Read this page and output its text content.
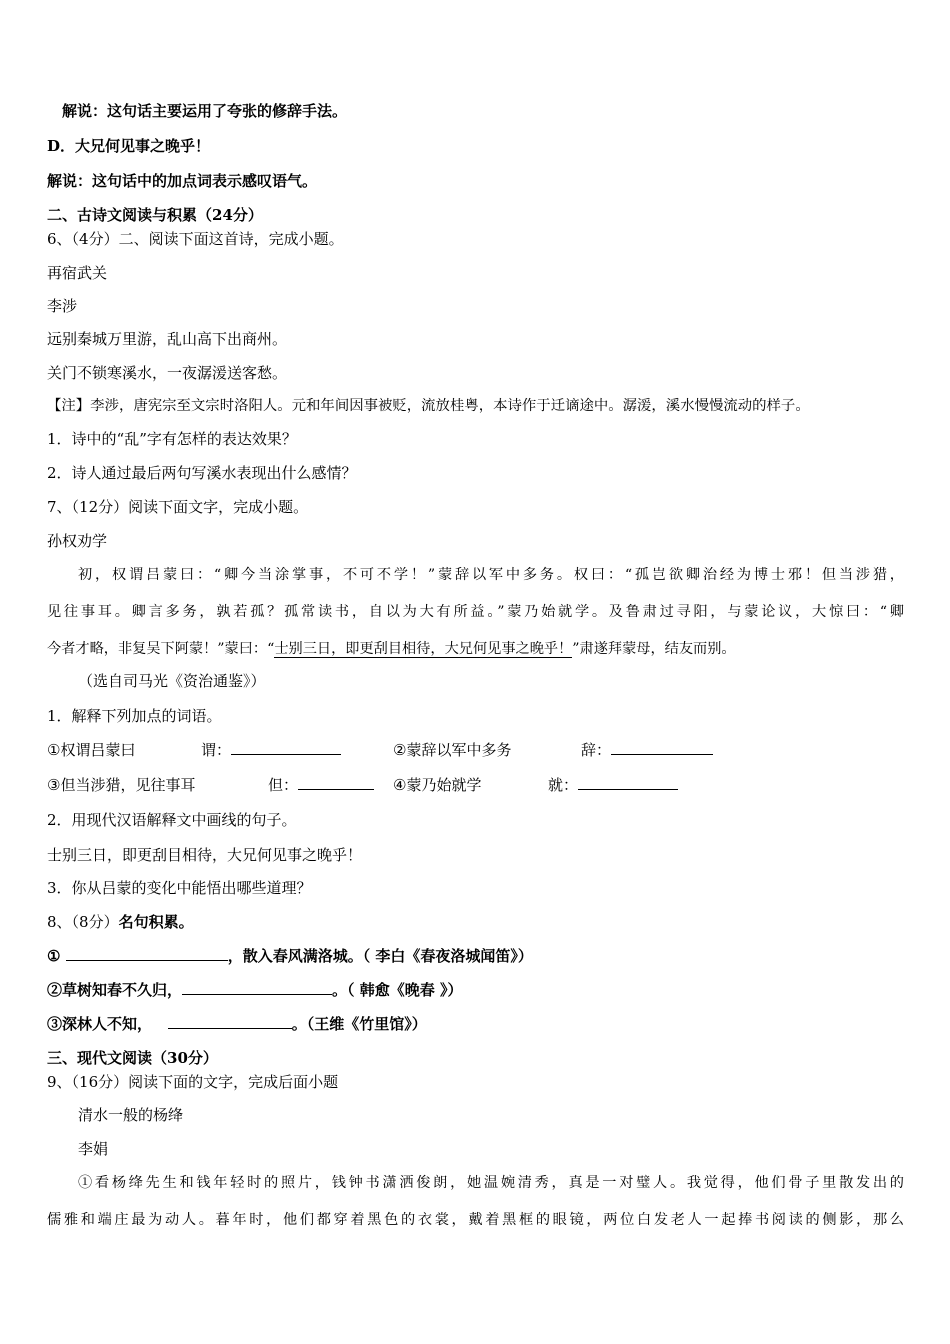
解说：这句话主要运用了夸张的修辞手法。
D．大兄何见事之晚乎！
解说：这句话中的加点词表示感叹语气。
二、古诗文阅读与积累（24分）
6、（4分）二、阅读下面这首诗，完成小题。
再宿武关
李涉
远别秦城万里游，乱山高下出商州。
关门不锁寒溪水，一夜潺湲送客愁。
【注】李涉，唐宪宗至文宗时洛阳人。元和年间因事被贬，流放桂粤，本诗作于迁谪途中。潺湲，溪水慢慢流动的样子。
1．诗中的“乱”字有怎样的表达效果？
2．诗人通过最后两句写溪水表现出什么感情？
7、（12分）阅读下面文字，完成小题。
孙权劝学
初，权谓吕蒙曰：“卿今当涂掌事，不可不学！”蒙辞以军中多务。权曰：“孤岂欲卿治经为博士邪！但当涉猎，
见往事耳。卿言多务，孰若孤？孤常读书，自以为大有所益。”蒙乃始就学。及鲁肃过寻阳，与蒙论议，大惊曰：“卿
今者才略，非复吴下阿蒙！”蒙曰：“士别三日，即更刮目相待，大兄何见事之晚乎！”肃遂拜蒙母，结友而别。
（选自司马光《资治通鉴》）
1．解释下列加点的词语。
①权谓吕蒙曰	谓：	②蒙辞以军中多务	辞：
③但当涉猎，见往事耳	但：	④蒙乃始就学	就：
2．用现代汉语解释文中画线的句子。
士别三日，即更刮目相待，大兄何见事之晚乎！
3．你从吕蒙的变化中能悟出哪些道理？
8、（8分）名句积累。
①	，散入春风满洛城。（ 李白《春夜洛城闻笛》）
②草树知春不久归，	。（ 韩愈《晚春 》）
③深林人不知，	。（王维《竹里馆》）
三、现代文阅读（30分）
9、（16分）阅读下面的文字，完成后面小题
清水一般的杨绛
李娟
①看杨绛先生和钱年轻时的照片，钱钟书潇洒俊朗，她温婉清秀，真是一对璧人。我觉得，他们骨子里散发出的
儒雅和端庄最为动人。暮年时，他们都穿着黑色的衣裳，戴着黑框的眼镜，两位白发老人一起捧书阅读的侧影，那么
